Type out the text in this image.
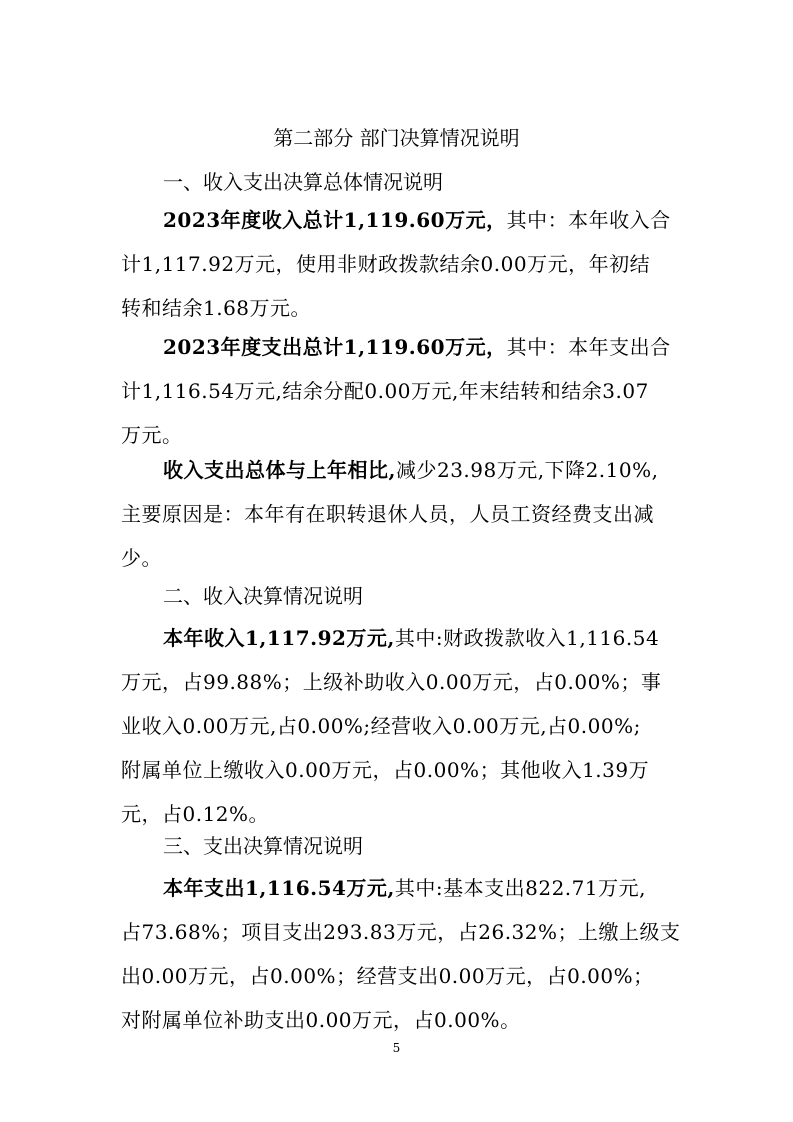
第二部分 部门决算情况说明
一、收入支出决算总体情况说明
2023年度收入总计1,119.60万元，其中：本年收入合
计1,117.92万元，使用非财政拨款结余0.00万元，年初结
转和结余1.68万元。
2023年度支出总计1,119.60万元，其中：本年支出合
计1,116.54万元,结余分配0.00万元,年末结转和结余3.07
万元。
收入支出总体与上年相比,减少23.98万元,下降2.10%,
主要原因是：本年有在职转退休人员，人员工资经费支出减
少。
二、收入决算情况说明
本年收入1,117.92万元,其中:财政拨款收入1,116.54
万元，占99.88%；上级补助收入0.00万元，占0.00%；事
业收入0.00万元,占0.00%;经营收入0.00万元,占0.00%;
附属单位上缴收入0.00万元，占0.00%；其他收入1.39万
元，占0.12%。
三、支出决算情况说明
本年支出1,116.54万元,其中:基本支出822.71万元,
占73.68%；项目支出293.83万元，占26.32%；上缴上级支
出0.00万元，占0.00%；经营支出0.00万元，占0.00%；
对附属单位补助支出0.00万元，占0.00%。
5
